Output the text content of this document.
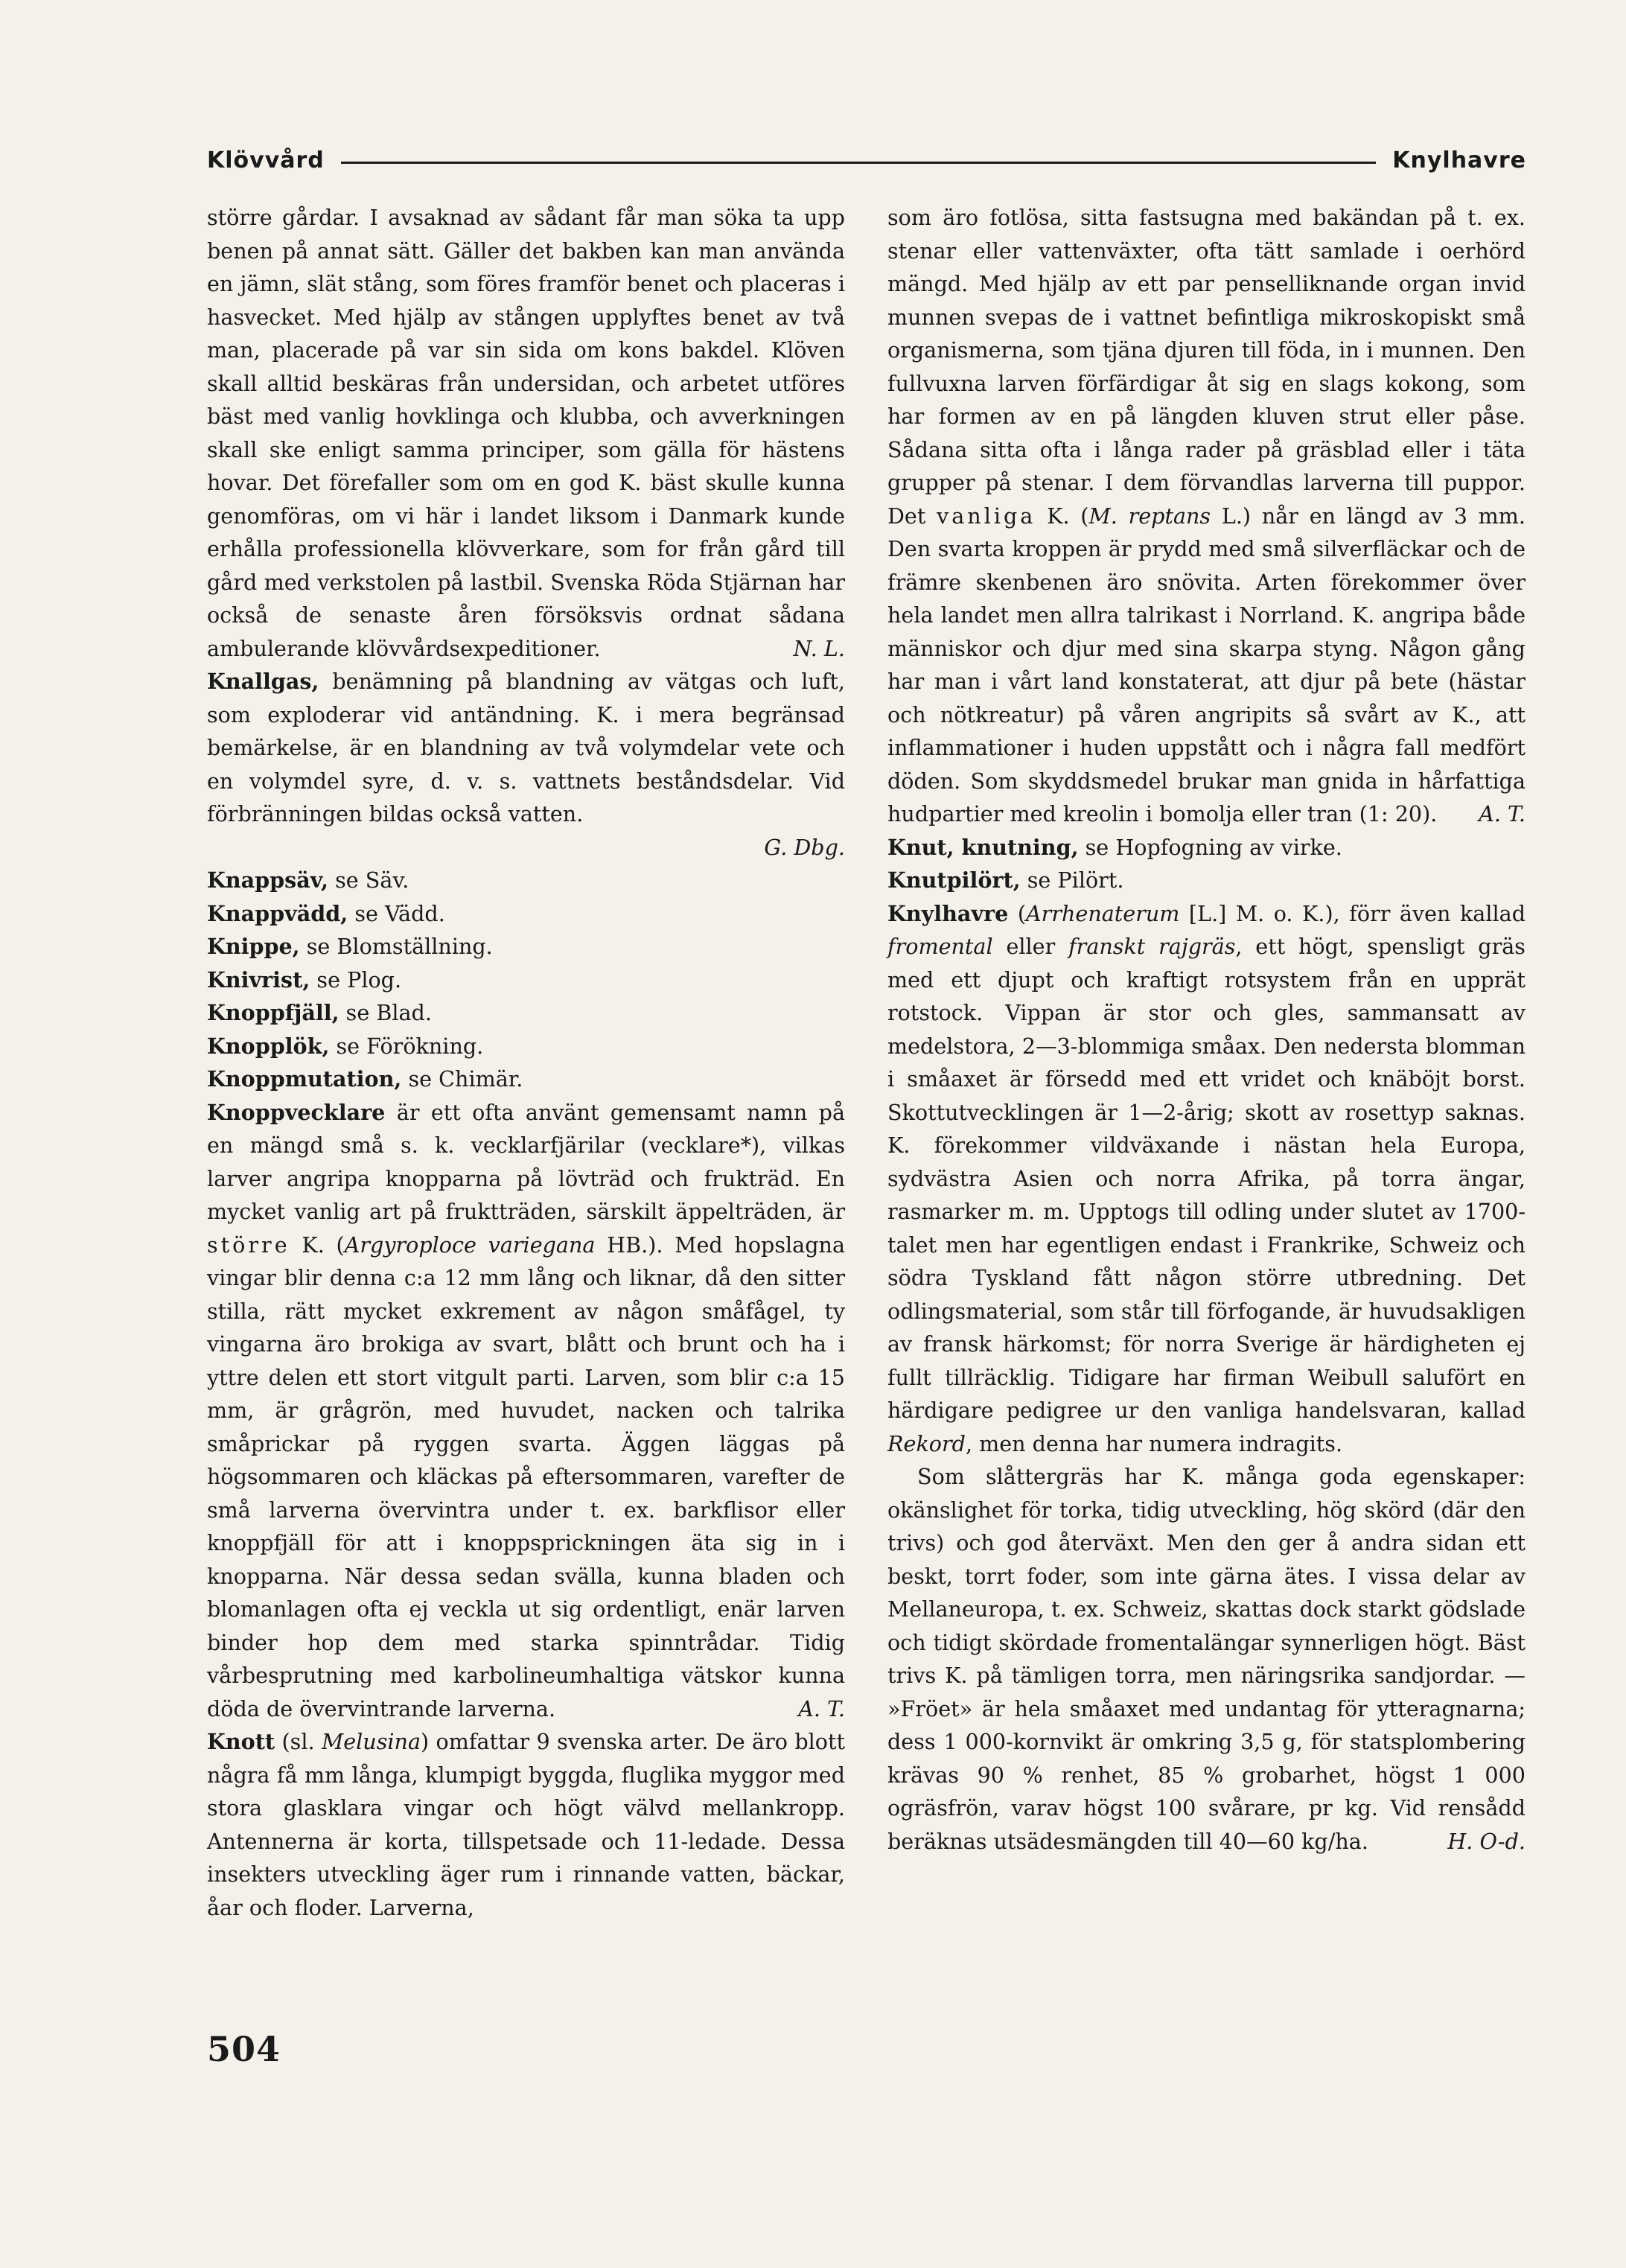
Klövvård	Knylhavre

större gårdar. I avsaknad av sådant får man söka ta upp benen på annat sätt. Gäller det bakben kan man använda en jämn, slät stång, som föres framför benet och placeras i hasvecket. Med hjälp av stången upplyftes benet av två man, placerade på var sin sida om kons bakdel. Klöven skall alltid beskäras från undersidan, och arbetet utföres bäst med vanlig hovklinga och klubba, och avverkningen skall ske enligt samma principer, som gälla för hästens hovar. Det förefaller som om en god K. bäst skulle kunna genomföras, om vi här i landet liksom i Danmark kunde erhålla professionella klövverkare, som for från gård till gård med verkstolen på lastbil. Svenska Röda Stjärnan har också de senaste åren försöksvis ordnat sådana ambulerande klövvårdsexpeditioner.	N. L.

Knallgas, benämning på blandning av vätgas och luft, som exploderar vid antändning. K. i mera begränsad bemärkelse, är en blandning av två volymdelar vete och en volymdel syre, d. v. s. vattnets beståndsdelar. Vid förbränningen bildas också vatten.

G. Dbg.

Knappsäv, se Säv.

Knappvädd, se Vädd.

Knippe, se Blomställning.

Knivrist, se Plog.

Knoppfjäll, se Blad.

Knopplök, se Förökning.

Knoppmutation, se Chimär.

Knoppvecklare är ett ofta använt gemensamt namn på en mängd små s. k. vecklarfjärilar (vecklare*), vilkas larver angripa knopparna på lövträd och frukträd. En mycket vanlig art på fruktträden, särskilt äppelträden, är större K. (Argyroploce variegana HB.). Med hopslagna vingar blir denna c:a 12 mm lång och liknar, då den sitter stilla, rätt mycket exkrement av någon småfågel, ty vingarna äro brokiga av svart, blått och brunt och ha i yttre delen ett stort vitgult parti. Larven, som blir c:a 15 mm, är grågrön, med huvudet, nacken och talrika småprickar på ryggen svarta. Äggen läggas på högsommaren och kläckas på eftersommaren, varefter de små larverna övervintra under t. ex. barkflisor eller knoppfjäll för att i knoppsprickningen äta sig in i knopparna. När dessa sedan svälla, kunna bladen och blomanlagen ofta ej veckla ut sig ordentligt, enär larven binder hop dem med starka spinntrådar. Tidig vårbesprutning med karbolineumhaltiga vätskor kunna döda de övervintrande larverna.	A. T.

Knott (sl. Melusina) omfattar 9 svenska arter. De äro blott några få mm långa, klumpigt byggda, fluglika myggor med stora glasklara vingar och högt välvd mellankropp. Antennerna är korta, tillspetsade och 11-ledade. Dessa insekters utveckling äger rum i rinnande vatten, bäckar, åar och floder. Larverna,

som äro fotlösa, sitta fastsugna med bakändan på t. ex. stenar eller vattenväxter, ofta tätt samlade i oerhörd mängd. Med hjälp av ett par penselliknande organ invid munnen svepas de i vattnet befintliga mikroskopiskt små organismerna, som tjäna djuren till föda, in i munnen. Den fullvuxna larven förfärdigar åt sig en slags kokong, som har formen av en på längden kluven strut eller påse. Sådana sitta ofta i långa rader på gräsblad eller i täta grupper på stenar. I dem förvandlas larverna till puppor. Det vanliga K. (M. reptans L.) når en längd av 3 mm. Den svarta kroppen är prydd med små silverfläckar och de främre skenbenen äro snövita. Arten förekommer över hela landet men allra talrikast i Norrland. K. angripa både människor och djur med sina skarpa styng. Någon gång har man i vårt land konstaterat, att djur på bete (hästar och nötkreatur) på våren angripits så svårt av K., att inflammationer i huden uppstått och i några fall medfört döden. Som skyddsmedel brukar man gnida in hårfattiga hudpartier med kreolin i bomolja eller tran (1: 20). A. T.

Knut, knutning, se Hopfogning av virke.

Knutpilört, se Pilört.

Knylhavre (Arrhenaterum [L.] M. o. K.), förr även kallad fromental eller franskt rajgräs, ett högt, spensligt gräs med ett djupt och kraftigt rotsystem från en upprät rotstock. Vippan är stor och gles, sammansatt av medelstora, 2—3-blommiga småax. Den nedersta blomman i småaxet är försedd med ett vridet och knäböjt borst. Skottutvecklingen är 1—2-årig; skott av rosettyp saknas. K. förekommer vildväxande i nästan hela Europa, sydvästra Asien och norra Afrika, på torra ängar, rasmarker m. m. Upptogs till odling under slutet av 1700-talet men har egentligen endast i Frankrike, Schweiz och södra Tyskland fått någon större utbredning. Det odlingsmaterial, som står till förfogande, är huvudsakligen av fransk härkomst; för norra Sverige är härdigheten ej fullt tillräcklig. Tidigare har firman Weibull salufört en härdigare pedigree ur den vanliga handelsvaran, kallad Rekord, men denna har numera indragits.

Som slåttergräs har K. många goda egenskaper: okänslighet för torka, tidig utveckling, hög skörd (där den trivs) och god återväxt. Men den ger å andra sidan ett beskt, torrt foder, som inte gärna ätes. I vissa delar av Mellaneuropa, t. ex. Schweiz, skattas dock starkt gödslade och tidigt skördade fromentalängar synnerligen högt. Bäst trivs K. på tämligen torra, men näringsrika sandjordar. — »Fröet» är hela småaxet med undantag för ytteragnarna; dess 1 000-kornvikt är omkring 3,5 g, för statsplombering krävas 90 % renhet, 85 % grobarhet, högst 1 000 ogräsfrön, varav högst 100 svårare, pr kg. Vid rensådd beräknas utsädesmängden till 40—60 kg/ha.	H. O-d.

504
